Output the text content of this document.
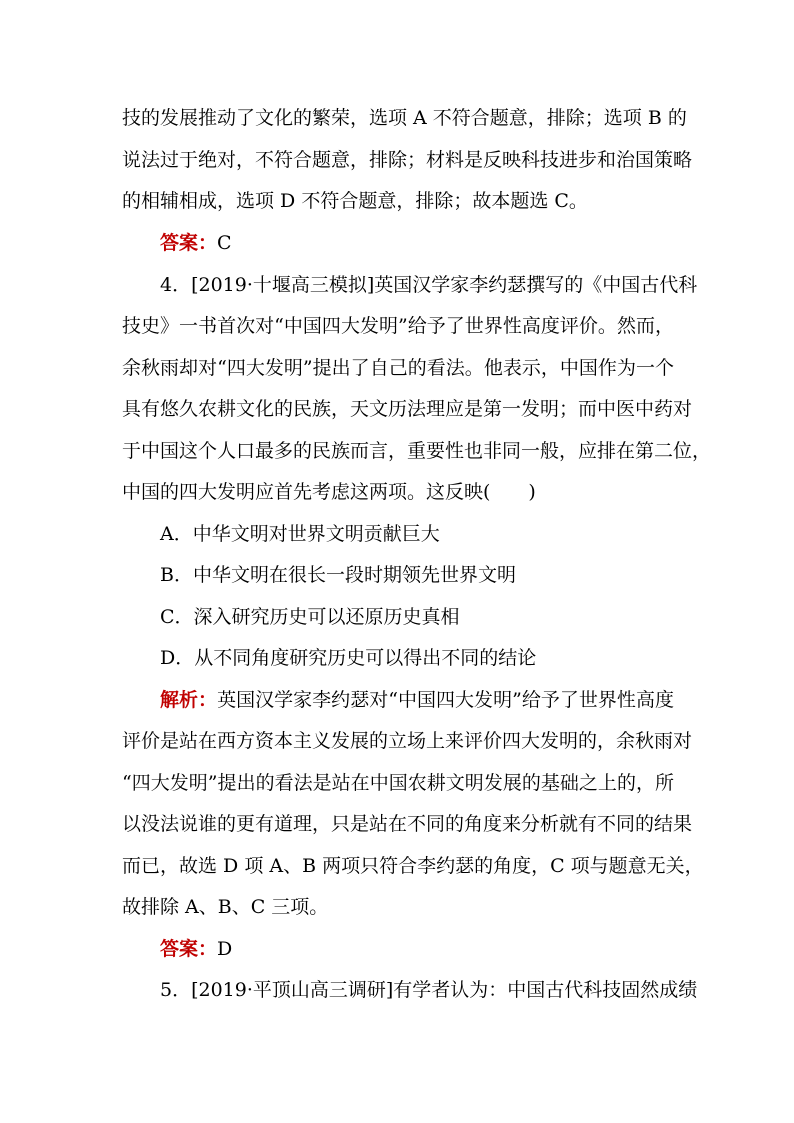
技的发展推动了文化的繁荣，选项 A 不符合题意，排除；选项 B 的
说法过于绝对，不符合题意，排除；材料是反映科技进步和治国策略
的相辅相成，选项 D 不符合题意，排除；故本题选 C。
答案：C
4．[2019·十堰高三模拟]英国汉学家李约瑟撰写的《中国古代科
技史》一书首次对“中国四大发明”给予了世界性高度评价。然而，
余秋雨却对“四大发明”提出了自己的看法。他表示，中国作为一个
具有悠久农耕文化的民族，天文历法理应是第一发明；而中医中药对
于中国这个人口最多的民族而言，重要性也非同一般，应排在第二位，
中国的四大发明应首先考虑这两项。这反映(　　)
A．中华文明对世界文明贡献巨大
B．中华文明在很长一段时期领先世界文明
C．深入研究历史可以还原历史真相
D．从不同角度研究历史可以得出不同的结论
解析：英国汉学家李约瑟对“中国四大发明”给予了世界性高度
评价是站在西方资本主义发展的立场上来评价四大发明的，余秋雨对
“四大发明”提出的看法是站在中国农耕文明发展的基础之上的，所
以没法说谁的更有道理，只是站在不同的角度来分析就有不同的结果
而已，故选 D 项 A、B 两项只符合李约瑟的角度，C 项与题意无关，
故排除 A、B、C 三项。
答案：D
5．[2019·平顶山高三调研]有学者认为：中国古代科技固然成绩
